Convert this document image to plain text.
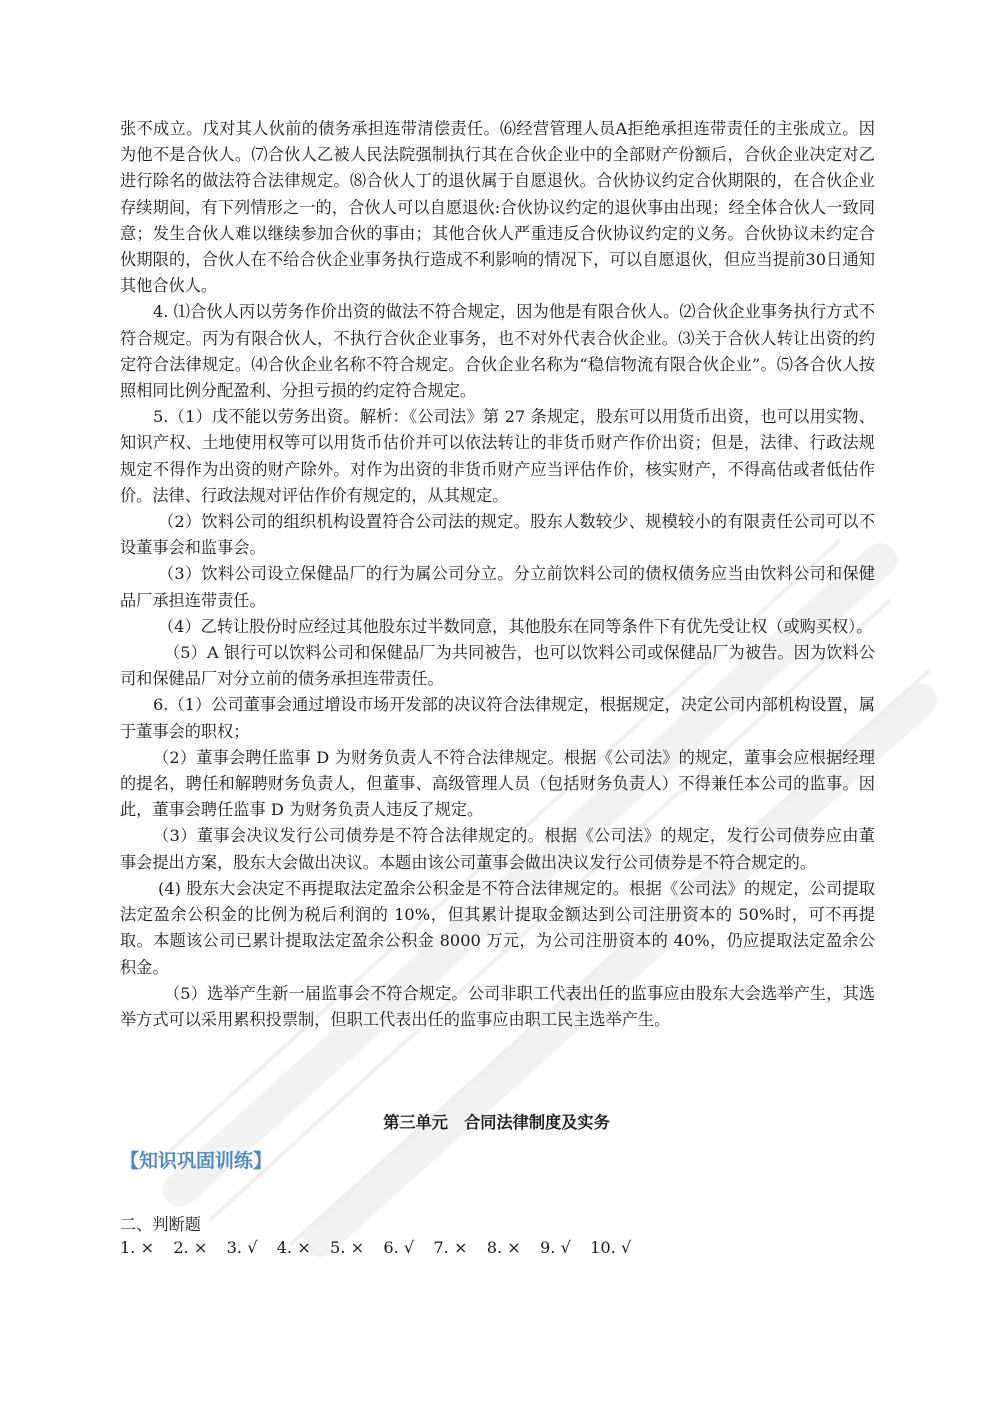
张不成立。戊对其人伙前的债务承担连带清偿责任。⑹经营管理人员A拒绝承担连带责任的主张成立。因为他不是合伙人。⑺合伙人乙被人民法院强制执行其在合伙企业中的全部财产份额后，合伙企业决定对乙进行除名的做法符合法律规定。⑻合伙人丁的退伙属于自愿退伙。合伙协议约定合伙期限的，在合伙企业存续期间，有下列情形之一的，合伙人可以自愿退伙:合伙协议约定的退伙事由出现；经全体合伙人一致同意；发生合伙人难以继续参加合伙的事由；其他合伙人严重违反合伙协议约定的义务。合伙协议未约定合伙期限的，合伙人在不给合伙企业事务执行造成不利影响的情况下，可以自愿退伙，但应当提前30日通知其他合伙人。

4. ⑴合伙人丙以劳务作价出资的做法不符合规定，因为他是有限合伙人。⑵合伙企业事务执行方式不符合规定。丙为有限合伙人，不执行合伙企业事务，也不对外代表合伙企业。⑶关于合伙人转让出资的约定符合法律规定。⑷合伙企业名称不符合规定。合伙企业名称为“稳信物流有限合伙企业”。⑸各合伙人按照相同比例分配盈利、分担亏损的约定符合规定。

5.（1）戊不能以劳务出资。解析：《公司法》第 27 条规定，股东可以用货币出资，也可以用实物、知识产权、土地使用权等可以用货币估价并可以依法转让的非货币财产作价出资；但是，法律、行政法规规定不得作为出资的财产除外。对作为出资的非货币财产应当评估作价，核实财产，不得高估或者低估作价。法律、行政法规对评估作价有规定的，从其规定。

（2）饮料公司的组织机构设置符合公司法的规定。股东人数较少、规模较小的有限责任公司可以不设董事会和监事会。

（3）饮料公司设立保健品厂的行为属公司分立。分立前饮料公司的债权债务应当由饮料公司和保健品厂承担连带责任。

（4）乙转让股份时应经过其他股东过半数同意，其他股东在同等条件下有优先受让权（或购买权）。

（5）A 银行可以饮料公司和保健品厂为共同被告，也可以饮料公司或保健品厂为被告。因为饮料公司和保健品厂对分立前的债务承担连带责任。

6.（1）公司董事会通过增设市场开发部的决议符合法律规定，根据规定，决定公司内部机构设置，属于董事会的职权；

（2）董事会聘任监事 D 为财务负责人不符合法律规定。根据《公司法》的规定，董事会应根据经理的提名，聘任和解聘财务负责人，但董事、高级管理人员（包括财务负责人）不得兼任本公司的监事。因此，董事会聘任监事 D 为财务负责人违反了规定。

（3）董事会决议发行公司债券是不符合法律规定的。根据《公司法》的规定，发行公司债券应由董事会提出方案，股东大会做出决议。本题由该公司董事会做出决议发行公司债券是不符合规定的。

(4) 股东大会决定不再提取法定盈余公积金是不符合法律规定的。根据《公司法》的规定，公司提取法定盈余公积金的比例为税后利润的 10%，但其累计提取金额达到公司注册资本的 50%时，可不再提取。本题该公司已累计提取法定盈余公积金 8000 万元，为公司注册资本的 40%，仍应提取法定盈余公积金。

（5）选举产生新一届监事会不符合规定。公司非职工代表出任的监事应由股东大会选举产生，其选举方式可以采用累积投票制，但职工代表出任的监事应由职工民主选举产生。

第三单元　合同法律制度及实务
【知识巩固训练】
二、判断题
1. × 2. × 3. √ 4. × 5. × 6. √ 7. × 8. × 9. √ 10. √
